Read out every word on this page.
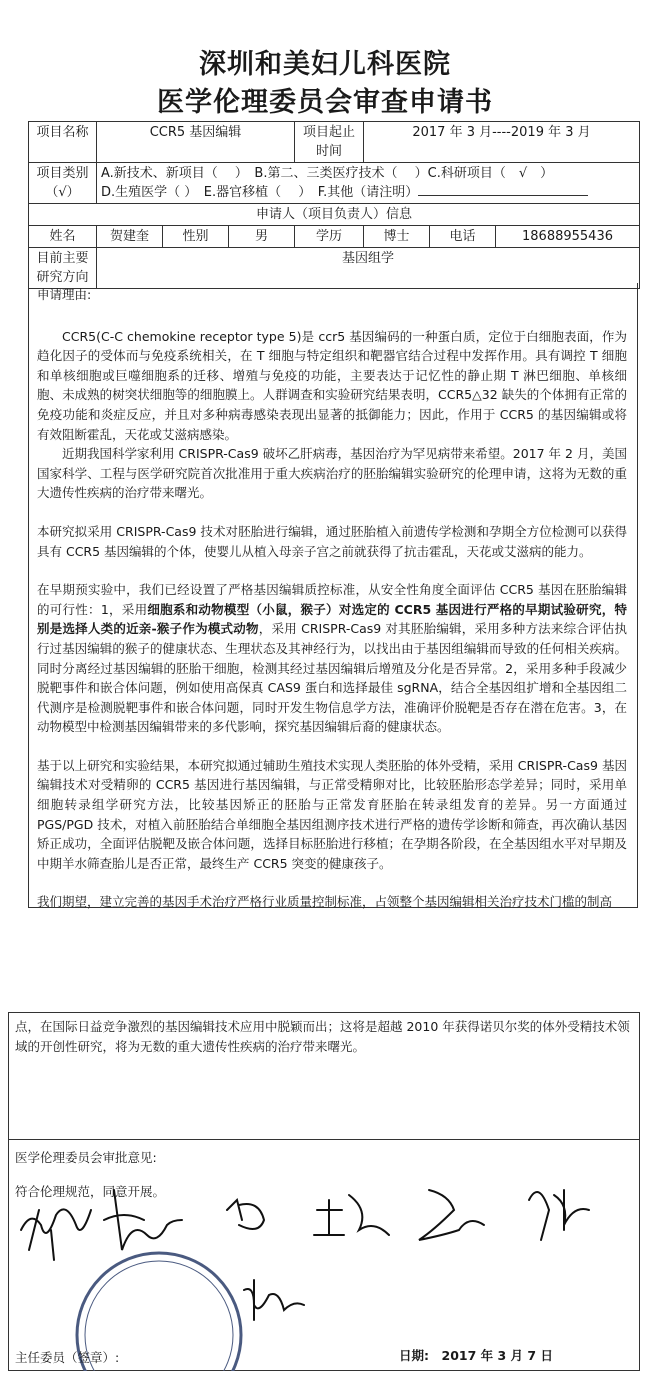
深圳和美妇儿科医院
医学伦理委员会审查申请书
项目名称	CCR5 基因编辑			项目起止时间	2017 年 3 月----2019 年 3 月		
项目类别（√）	A.新技术、新项目（　 ）　B.第二、三类医疗技术（　 ）C.科研项目（　√　）
D.生殖医学（ ）　E.器官移植（　 ）　F.其他（请注明）						

申请人（项目负责人）信息							
姓名	贺建奎	性别	男	学历	博士	电话	18688955436
目前主要研究方向	基因组学						
申请理由:

CCR5(C-C chemokine receptor type 5)是 ccr5 基因编码的一种蛋白质，定位于白细胞表面，作为趋化因子的受体而与免疫系统相关，在 T 细胞与特定组织和靶器官结合过程中发挥作用。具有调控 T 细胞和单核细胞或巨噬细胞系的迁移、增殖与免疫的功能，主要表达于记忆性的静止期 T 淋巴细胞、单核细胞、未成熟的树突状细胞等的细胞膜上。人群调查和实验研究结果表明，CCR5△32 缺失的个体拥有正常的免疫功能和炎症反应，并且对多种病毒感染表现出显著的抵御能力；因此，作用于 CCR5 的基因编辑或将有效阻断霍乱，天花或艾滋病感染。

近期我国科学家利用 CRISPR-Cas9 破坏乙肝病毒，基因治疗为罕见病带来希望。2017 年 2 月，美国国家科学、工程与医学研究院首次批准用于重大疾病治疗的胚胎编辑实验研究的伦理申请，这将为无数的重大遗传性疾病的治疗带来曙光。

本研究拟采用 CRISPR-Cas9 技术对胚胎进行编辑，通过胚胎植入前遗传学检测和孕期全方位检测可以获得具有 CCR5 基因编辑的个体，使婴儿从植入母亲子宫之前就获得了抗击霍乱，天花或艾滋病的能力。

在早期预实验中，我们已经设置了严格基因编辑质控标准，从安全性角度全面评估 CCR5 基因在胚胎编辑的可行性：1，采用细胞系和动物模型（小鼠，猴子）对选定的 CCR5 基因进行严格的早期试验研究，特别是选择人类的近亲-猴子作为模式动物，采用 CRISPR-Cas9 对其胚胎编辑，采用多种方法来综合评估执行过基因编辑的猴子的健康状态、生理状态及其神经行为，以找出由于基因组编辑而导致的任何相关疾病。同时分离经过基因编辑的胚胎干细胞，检测其经过基因编辑后增殖及分化是否异常。2，采用多种手段减少脱靶事件和嵌合体问题，例如使用高保真 CAS9 蛋白和选择最佳 sgRNA，结合全基因组扩增和全基因组二代测序是检测脱靶事件和嵌合体问题，同时开发生物信息学方法，准确评价脱靶是否存在潜在危害。3，在动物模型中检测基因编辑带来的多代影响，探究基因编辑后裔的健康状态。

基于以上研究和实验结果，本研究拟通过辅助生殖技术实现人类胚胎的体外受精，采用 CRISPR-Cas9 基因编辑技术对受精卵的 CCR5 基因进行基因编辑，与正常受精卵对比，比较胚胎形态学差异；同时，采用单细胞转录组学研究方法，比较基因矫正的胚胎与正常发育胚胎在转录组发育的差异。另一方面通过 PGS/PGD 技术，对植入前胚胎结合单细胞全基因组测序技术进行严格的遗传学诊断和筛查，再次确认基因矫正成功，全面评估脱靶及嵌合体问题，选择目标胚胎进行移植；在孕期各阶段，在全基因组水平对早期及中期羊水筛查胎儿是否正常，最终生产 CCR5 突变的健康孩子。

我们期望，建立完善的基因手术治疗严格行业质量控制标准，占领整个基因编辑相关治疗技术门槛的制高

点，在国际日益竞争激烈的基因编辑技术应用中脱颖而出；这将是超越 2010 年获得诺贝尔奖的体外受精技术领域的开创性研究，将为无数的重大遗传性疾病的治疗带来曙光。
医学伦理委员会审批意见:
符合伦理规范，同意开展。
主任委员（签章）:	日期:　2017 年 3 月 7 日
